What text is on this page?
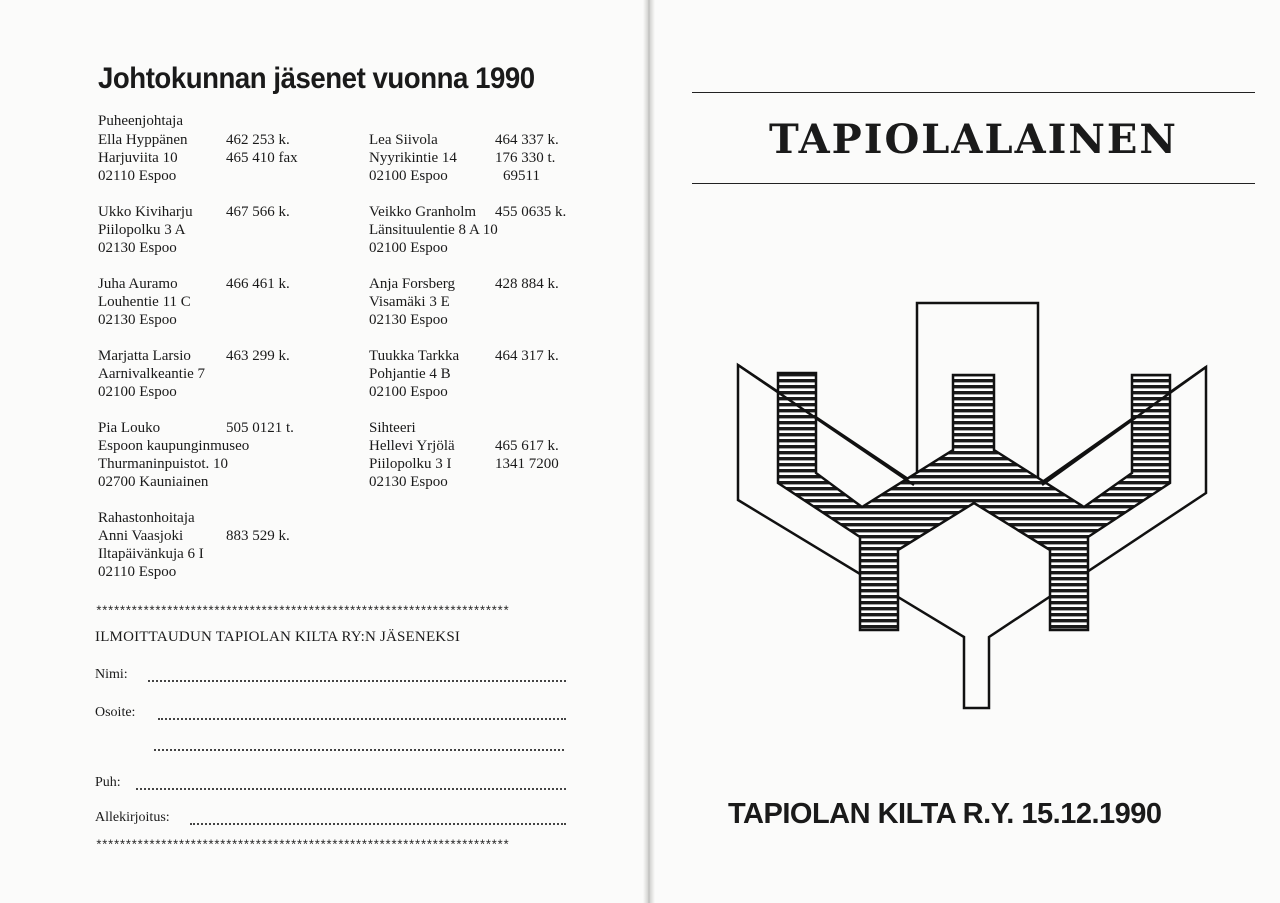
Johtokunnan jäsenet vuonna 1990
Puheenjohtaja
Ella Hyppänen	462 253 k.
Harjuviita 10	465 410 fax
02110 Espoo
Ukko Kiviharju 467 566 k.
Piilopolku 3 A
02130 Espoo
Juha Auramo	466 461 k.
Louhentie 11 C
02130 Espoo
Marjatta Larsio 463 299 k.
Aarnivalkeantie 7
02100 Espoo
Pia Louko	505 0121 t.
Espoon kaupunginmuseo
Thurmaninpuistot. 10
02700 Kauniainen
Rahastonhoitaja
Anni Vaasjoki	883 529 k.
Iltapäivänkuja 6 I
02110 Espoo
Lea Siivola	464 337 k.
Nyyrikintie 14	176 330 t.
02100 Espoo	69511
Veikko Granholm 455 0635 k.
Länsituulentie 8 A 10
02100 Espoo
Anja Forsberg	428 884 k.
Visamäki 3 E
02130 Espoo
Tuukka Tarkka 464 317 k.
Pohjantie 4 B
02100 Espoo
Sihteeri
Hellevi Yrjölä	465 617 k.
Piilopolku 3 I	1341 7200
02130 Espoo
**********************************************************************
ILMOITTAUDUN TAPIOLAN KILTA RY:N JÄSENEKSI
Nimi:
Osoite:
Puh:
Allekirjoitus:
**********************************************************************
TAPIOLALAINEN
TAPIOLAN KILTA R.Y. 15.12.1990
